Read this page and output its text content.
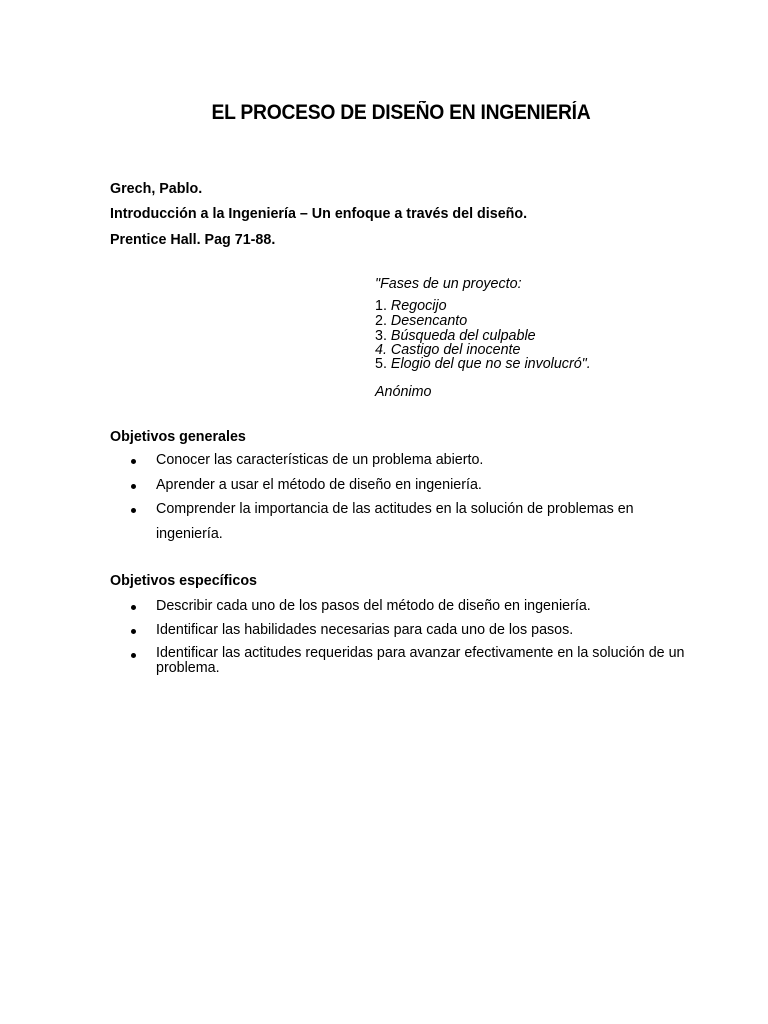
EL PROCESO DE DISEÑO EN INGENIERÍA
Grech, Pablo.
Introducción a la Ingeniería – Un enfoque a través del diseño.
Prentice Hall. Pag 71-88.
"Fases de un proyecto:
1. Regocijo
2. Desencanto
3. Búsqueda del culpable
4. Castigo del inocente
5. Elogio del que no se involucró".
Anónimo
Objetivos generales
Conocer las características de un problema abierto.
Aprender a usar el método de diseño en ingeniería.
Comprender la importancia de las actitudes en la solución de problemas en
ingeniería.
Objetivos específicos
Describir cada uno de los pasos del método de diseño en ingeniería.
Identificar las habilidades necesarias para cada uno de los pasos.
Identificar las actitudes requeridas para avanzar efectivamente en la solución de un problema.
